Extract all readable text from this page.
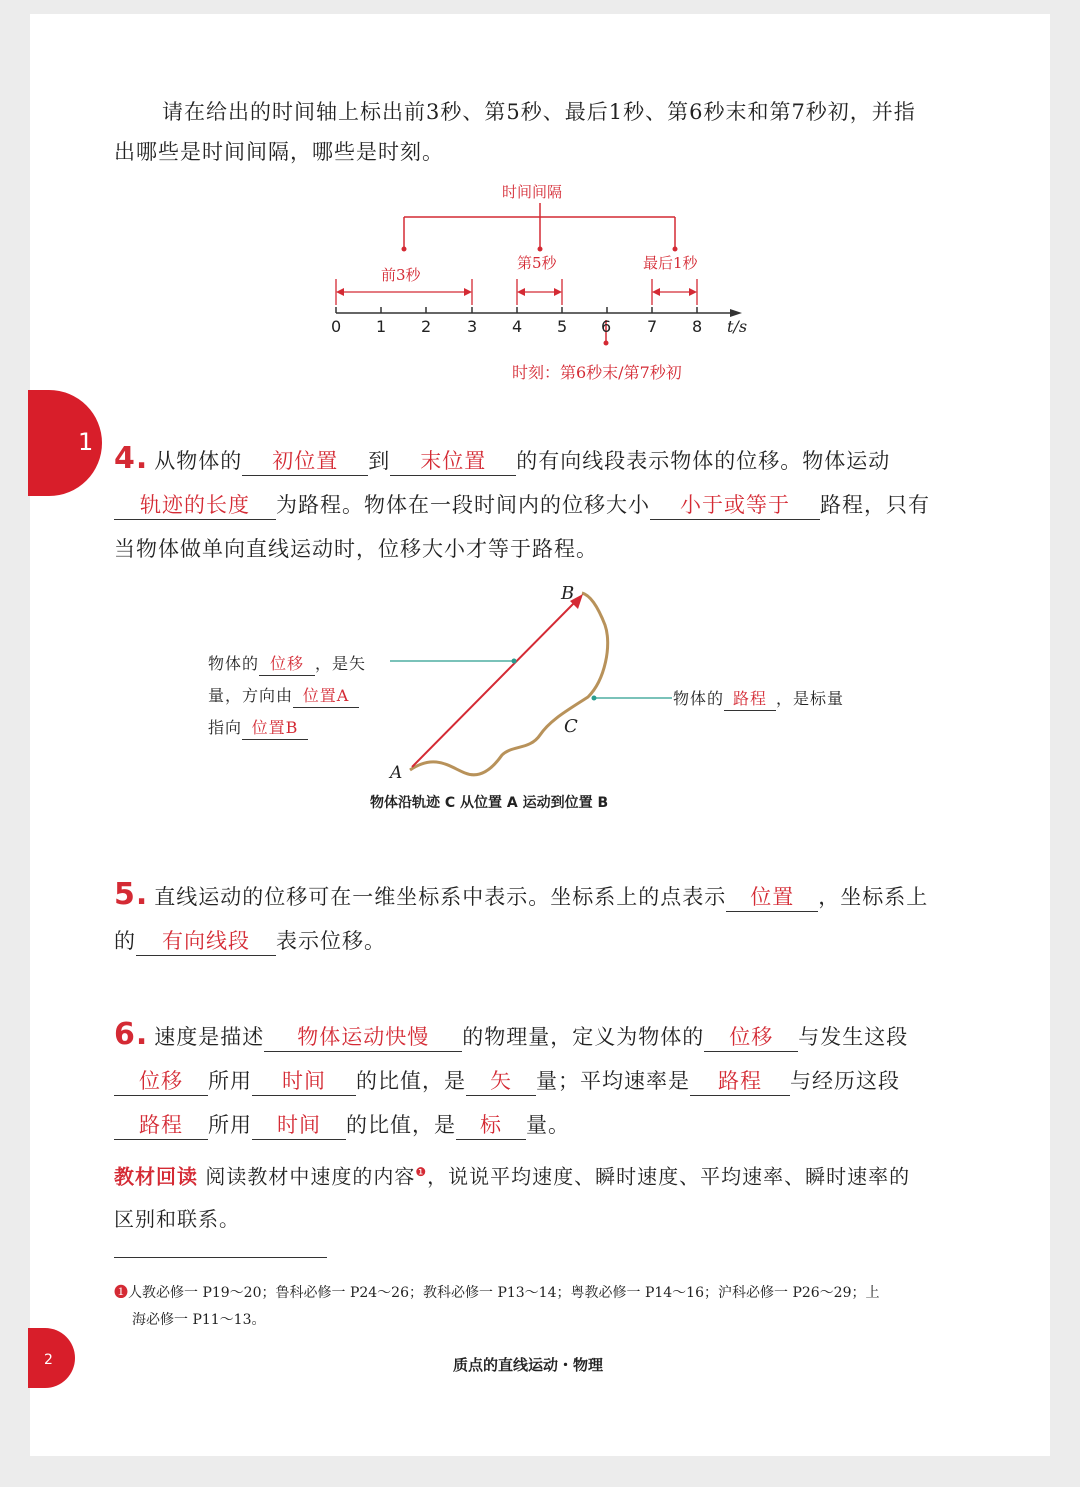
1
请在给出的时间轴上标出前3秒、第5秒、最后1秒、第6秒末和第7秒初，并指
出哪些是时间间隔，哪些是时刻。
时间间隔
前3秒
第5秒	最后1秒
0 1 2 3 4 5 6 7 8 t/s
时刻：第6秒末/第7秒初
4. 从物体的 初位置 到 末位置 的有向线段表示物体的位移。物体运动
轨迹的长度 为路程。物体在一段时间内的位移大小 小于或等于 路程，只有
当物体做单向直线运动时，位移大小才等于路程。
B
A
C
物体的 位移 ，是矢
量，方向由 位置A
指向 位置B
物体的 路程 ，是标量
物体沿轨迹 C 从位置 A 运动到位置 B
5. 直线运动的位移可在一维坐标系中表示。坐标系上的点表示 位置 ，坐标系上
的 有向线段 表示位移。
6. 速度是描述 物体运动快慢 的物理量，定义为物体的 位移 与发生这段
位移 所用 时间 的比值，是 矢 量；平均速率是 路程 与经历这段
路程 所用 时间 的比值，是 标 量。
教材回读 阅读教材中速度的内容$^❶$，说说平均速度、瞬时速度、平均速率、瞬时速率的
区别和联系。
❶人教必修一 P19～20；鲁科必修一 P24～26；教科必修一 P13～14；粤教必修一 P14～16；沪科必修一 P26～29；上
海必修一 P11～13。
2	质点的直线运动・物理
